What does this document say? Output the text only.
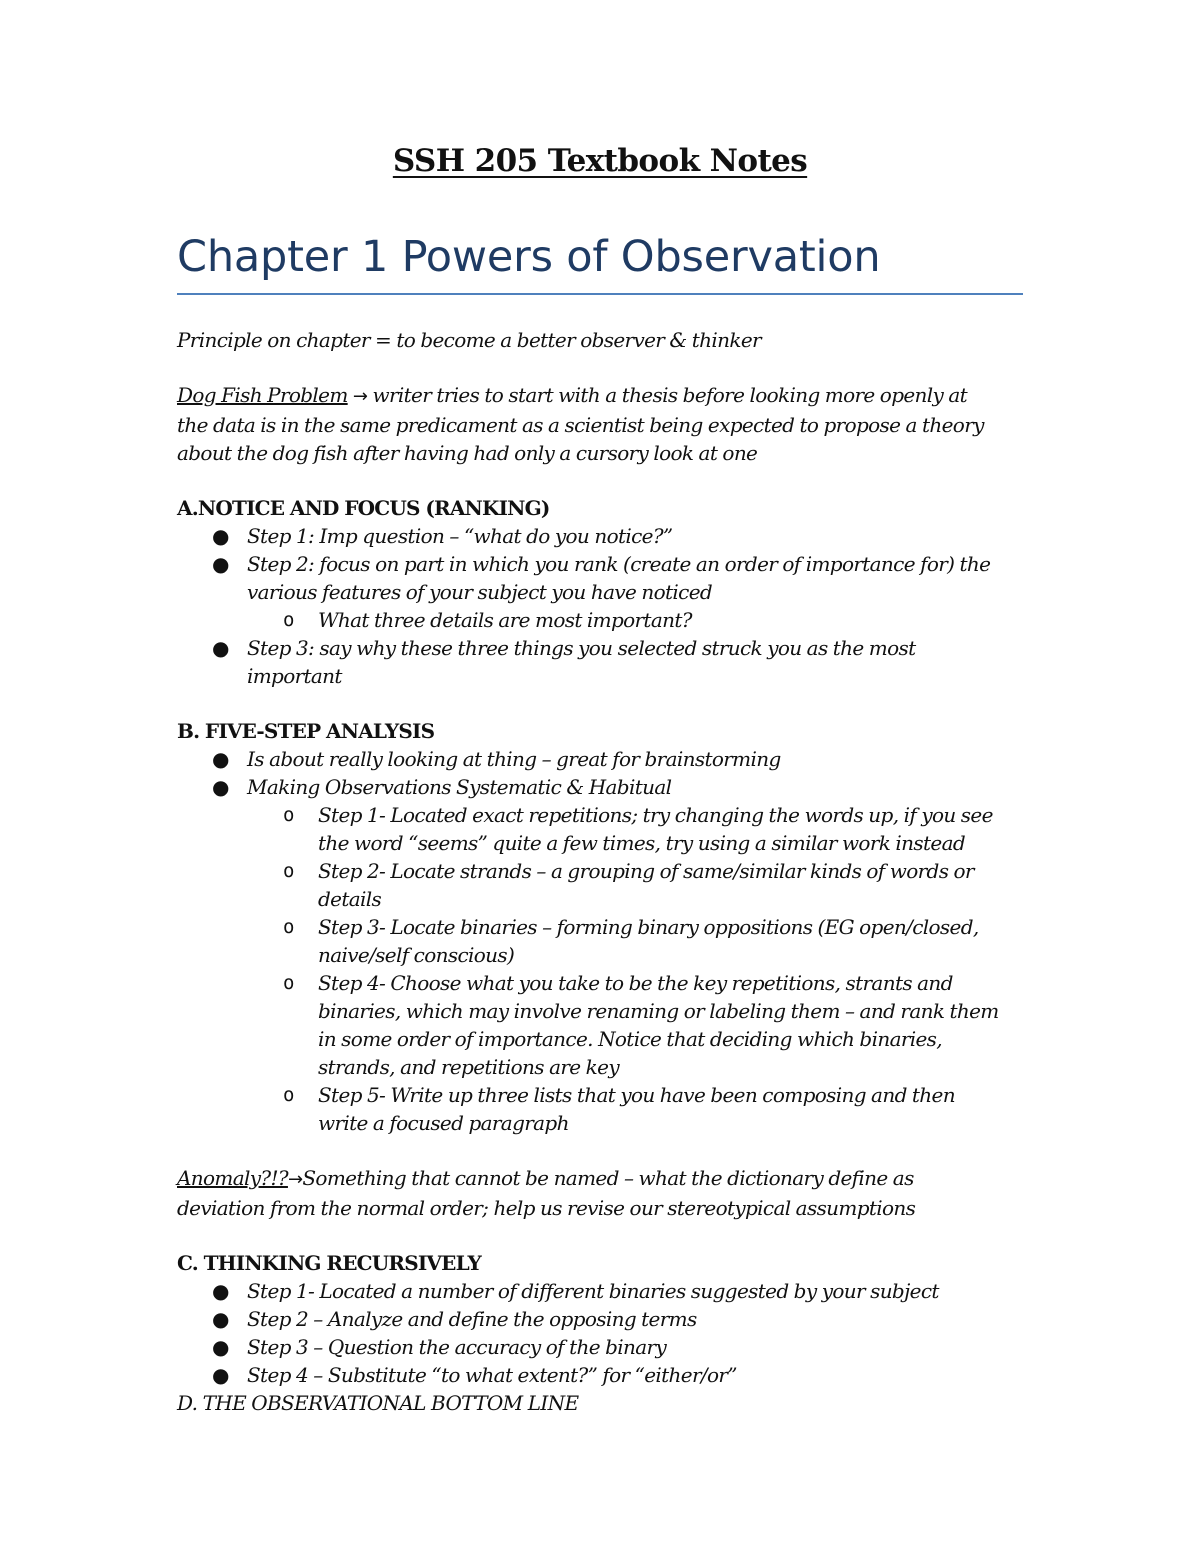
SSH 205 Textbook Notes
Chapter 1 Powers of Observation

Principle on chapter = to become a better observer & thinker

Dog Fish Problem → writer tries to start with a thesis before looking more openly at

the data is in the same predicament as a scientist being expected to propose a theory

about the dog fish after having had only a cursory look at one

A.NOTICE AND FOCUS (RANKING)

● Step 1: Imp question – “what do you notice?”

● Step 2: focus on part in which you rank (create an order of importance for) the

various features of your subject you have noticed

o What three details are most important?

● Step 3: say why these three things you selected struck you as the most

important

B. FIVE-STEP ANALYSIS

● Is about really looking at thing – great for brainstorming

● Making Observations Systematic & Habitual

o Step 1- Located exact repetitions; try changing the words up, if you see

the word “seems” quite a few times, try using a similar work instead

o Step 2- Locate strands – a grouping of same/similar kinds of words or

details

o Step 3- Locate binaries – forming binary oppositions (EG open/closed,

naive/self conscious)

o Step 4- Choose what you take to be the key repetitions, strants and

binaries, which may involve renaming or labeling them – and rank them

in some order of importance. Notice that deciding which binaries,

strands, and repetitions are key

o Step 5- Write up three lists that you have been composing and then

write a focused paragraph

Anomaly?!?→Something that cannot be named – what the dictionary define as

deviation from the normal order; help us revise our stereotypical assumptions

C. THINKING RECURSIVELY

● Step 1- Located a number of different binaries suggested by your subject

● Step 2 – Analyze and define the opposing terms

● Step 3 – Question the accuracy of the binary

● Step 4 – Substitute “to what extent?” for “either/or”

D. THE OBSERVATIONAL BOTTOM LINE
